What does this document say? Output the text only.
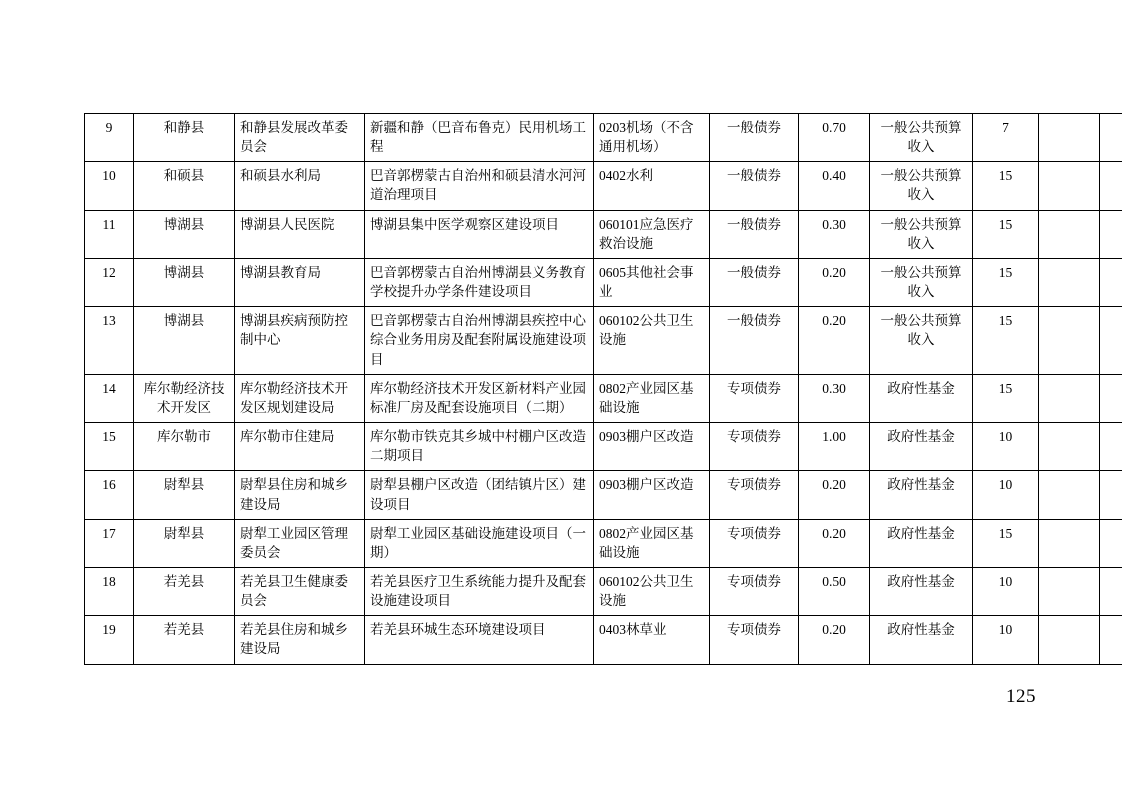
9	和静县	和静县发展改革委员会	新疆和静（巴音布鲁克）民用机场工程	0203机场（不含通用机场）	一般债券	0.70	一般公共预算收入	7		
10	和硕县	和硕县水利局	巴音郭楞蒙古自治州和硕县清水河河道治理项目	0402水利	一般债券	0.40	一般公共预算收入	15		
11	博湖县	博湖县人民医院	博湖县集中医学观察区建设项目	060101应急医疗救治设施	一般债券	0.30	一般公共预算收入	15		
12	博湖县	博湖县教育局	巴音郭楞蒙古自治州博湖县义务教育学校提升办学条件建设项目	0605其他社会事业	一般债券	0.20	一般公共预算收入	15		
13	博湖县	博湖县疾病预防控制中心	巴音郭楞蒙古自治州博湖县疾控中心综合业务用房及配套附属设施建设项目	060102公共卫生设施	一般债券	0.20	一般公共预算收入	15		
14	库尔勒经济技术开发区	库尔勒经济技术开发区规划建设局	库尔勒经济技术开发区新材料产业园标准厂房及配套设施项目（二期）	0802产业园区基础设施	专项债券	0.30	政府性基金	15		
15	库尔勒市	库尔勒市住建局	库尔勒市铁克其乡城中村棚户区改造二期项目	0903棚户区改造	专项债券	1.00	政府性基金	10		
16	尉犁县	尉犁县住房和城乡建设局	尉犁县棚户区改造（团结镇片区）建设项目	0903棚户区改造	专项债券	0.20	政府性基金	10		
17	尉犁县	尉犁工业园区管理委员会	尉犁工业园区基础设施建设项目（一期）	0802产业园区基础设施	专项债券	0.20	政府性基金	15		
18	若羌县	若羌县卫生健康委员会	若羌县医疗卫生系统能力提升及配套设施建设项目	060102公共卫生设施	专项债券	0.50	政府性基金	10		
19	若羌县	若羌县住房和城乡建设局	若羌县环城生态环境建设项目	0403林草业	专项债券	0.20	政府性基金	10		
125
